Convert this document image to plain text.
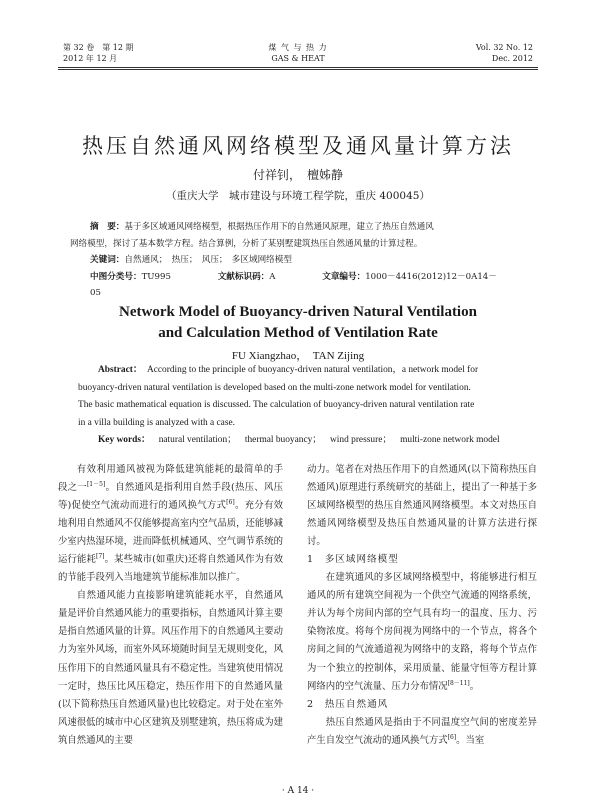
第 32 卷　第 12 期
2012 年 12 月
煤 气 与 热 力
GAS & HEAT
Vol. 32 No. 12
Dec. 2012
热压自然通风网络模型及通风量计算方法
付祥钊，　檀姊静
（重庆大学　城市建设与环境工程学院，重庆 400045）
摘　要：基于多区域通风网络模型，根据热压作用下的自然通风原理，建立了热压自然通风
网络模型，探讨了基本数学方程。结合算例，分析了某别墅建筑热压自然通风量的计算过程。
关键词：自然通风；　热压；　风压；　多区域网络模型
中图分类号：TU995	文献标识码：A	文章编号：1000－4416(2012)12－0A14－05
Network Model of Buoyancy-driven Natural Ventilation
and Calculation Method of Ventilation Rate
FU Xiangzhao，　TAN Zijing
Abstract： According to the principle of buoyancy-driven natural ventilation，a network model for
buoyancy-driven natural ventilation is developed based on the multi-zone network model for ventilation.
The basic mathematical equation is discussed. The calculation of buoyancy-driven natural ventilation rate
in a villa building is analyzed with a case.
Key words： natural ventilation； thermal buoyancy； wind pressure； multi-zone network model

有效利用通风被视为降低建筑能耗的最简单的手段之一[1－5]。自然通风是指利用自然手段(热压、风压等)促使空气流动而进行的通风换气方式[6]。充分有效地利用自然通风不仅能够提高室内空气品质，还能够减少室内热湿环境，进而降低机械通风、空气调节系统的运行能耗[7]。某些城市(如重庆)还将自然通风作为有效的节能手段列入当地建筑节能标准加以推广。

自然通风能力直接影响建筑能耗水平，自然通风量是评价自然通风能力的重要指标，自然通风计算主要是指自然通风量的计算。风压作用下的自然通风主要动力为室外风场，而室外风环境随时间呈无规则变化，风压作用下的自然通风量具有不稳定性。当建筑使用情况一定时，热压比风压稳定，热压作用下的自然通风量(以下简称热压自然通风量)也比较稳定。对于处在室外风速很低的城市中心区建筑及别墅建筑，热压将成为建筑自然通风的主要

动力。笔者在对热压作用下的自然通风(以下简称热压自然通风)原理进行系统研究的基础上，提出了一种基于多区域网络模型的热压自然通风网络模型。本文对热压自然通风网络模型及热压自然通风量的计算方法进行探讨。

1　多区域网络模型

在建筑通风的多区域网络模型中，将能够进行相互通风的所有建筑空间视为一个供空气流通的网络系统，并认为每个房间内部的空气具有均一的温度、压力、污染物浓度。将每个房间视为网络中的一个节点，将各个房间之间的气流通道视为网络中的支路，将每个节点作为一个独立的控制体，采用质量、能量守恒等方程计算网络内的空气流量、压力分布情况[8－11]。

2　热压自然通风

热压自然通风是指由于不同温度空气间的密度差异产生自发空气流动的通风换气方式[6]。当室

· A 14 ·
